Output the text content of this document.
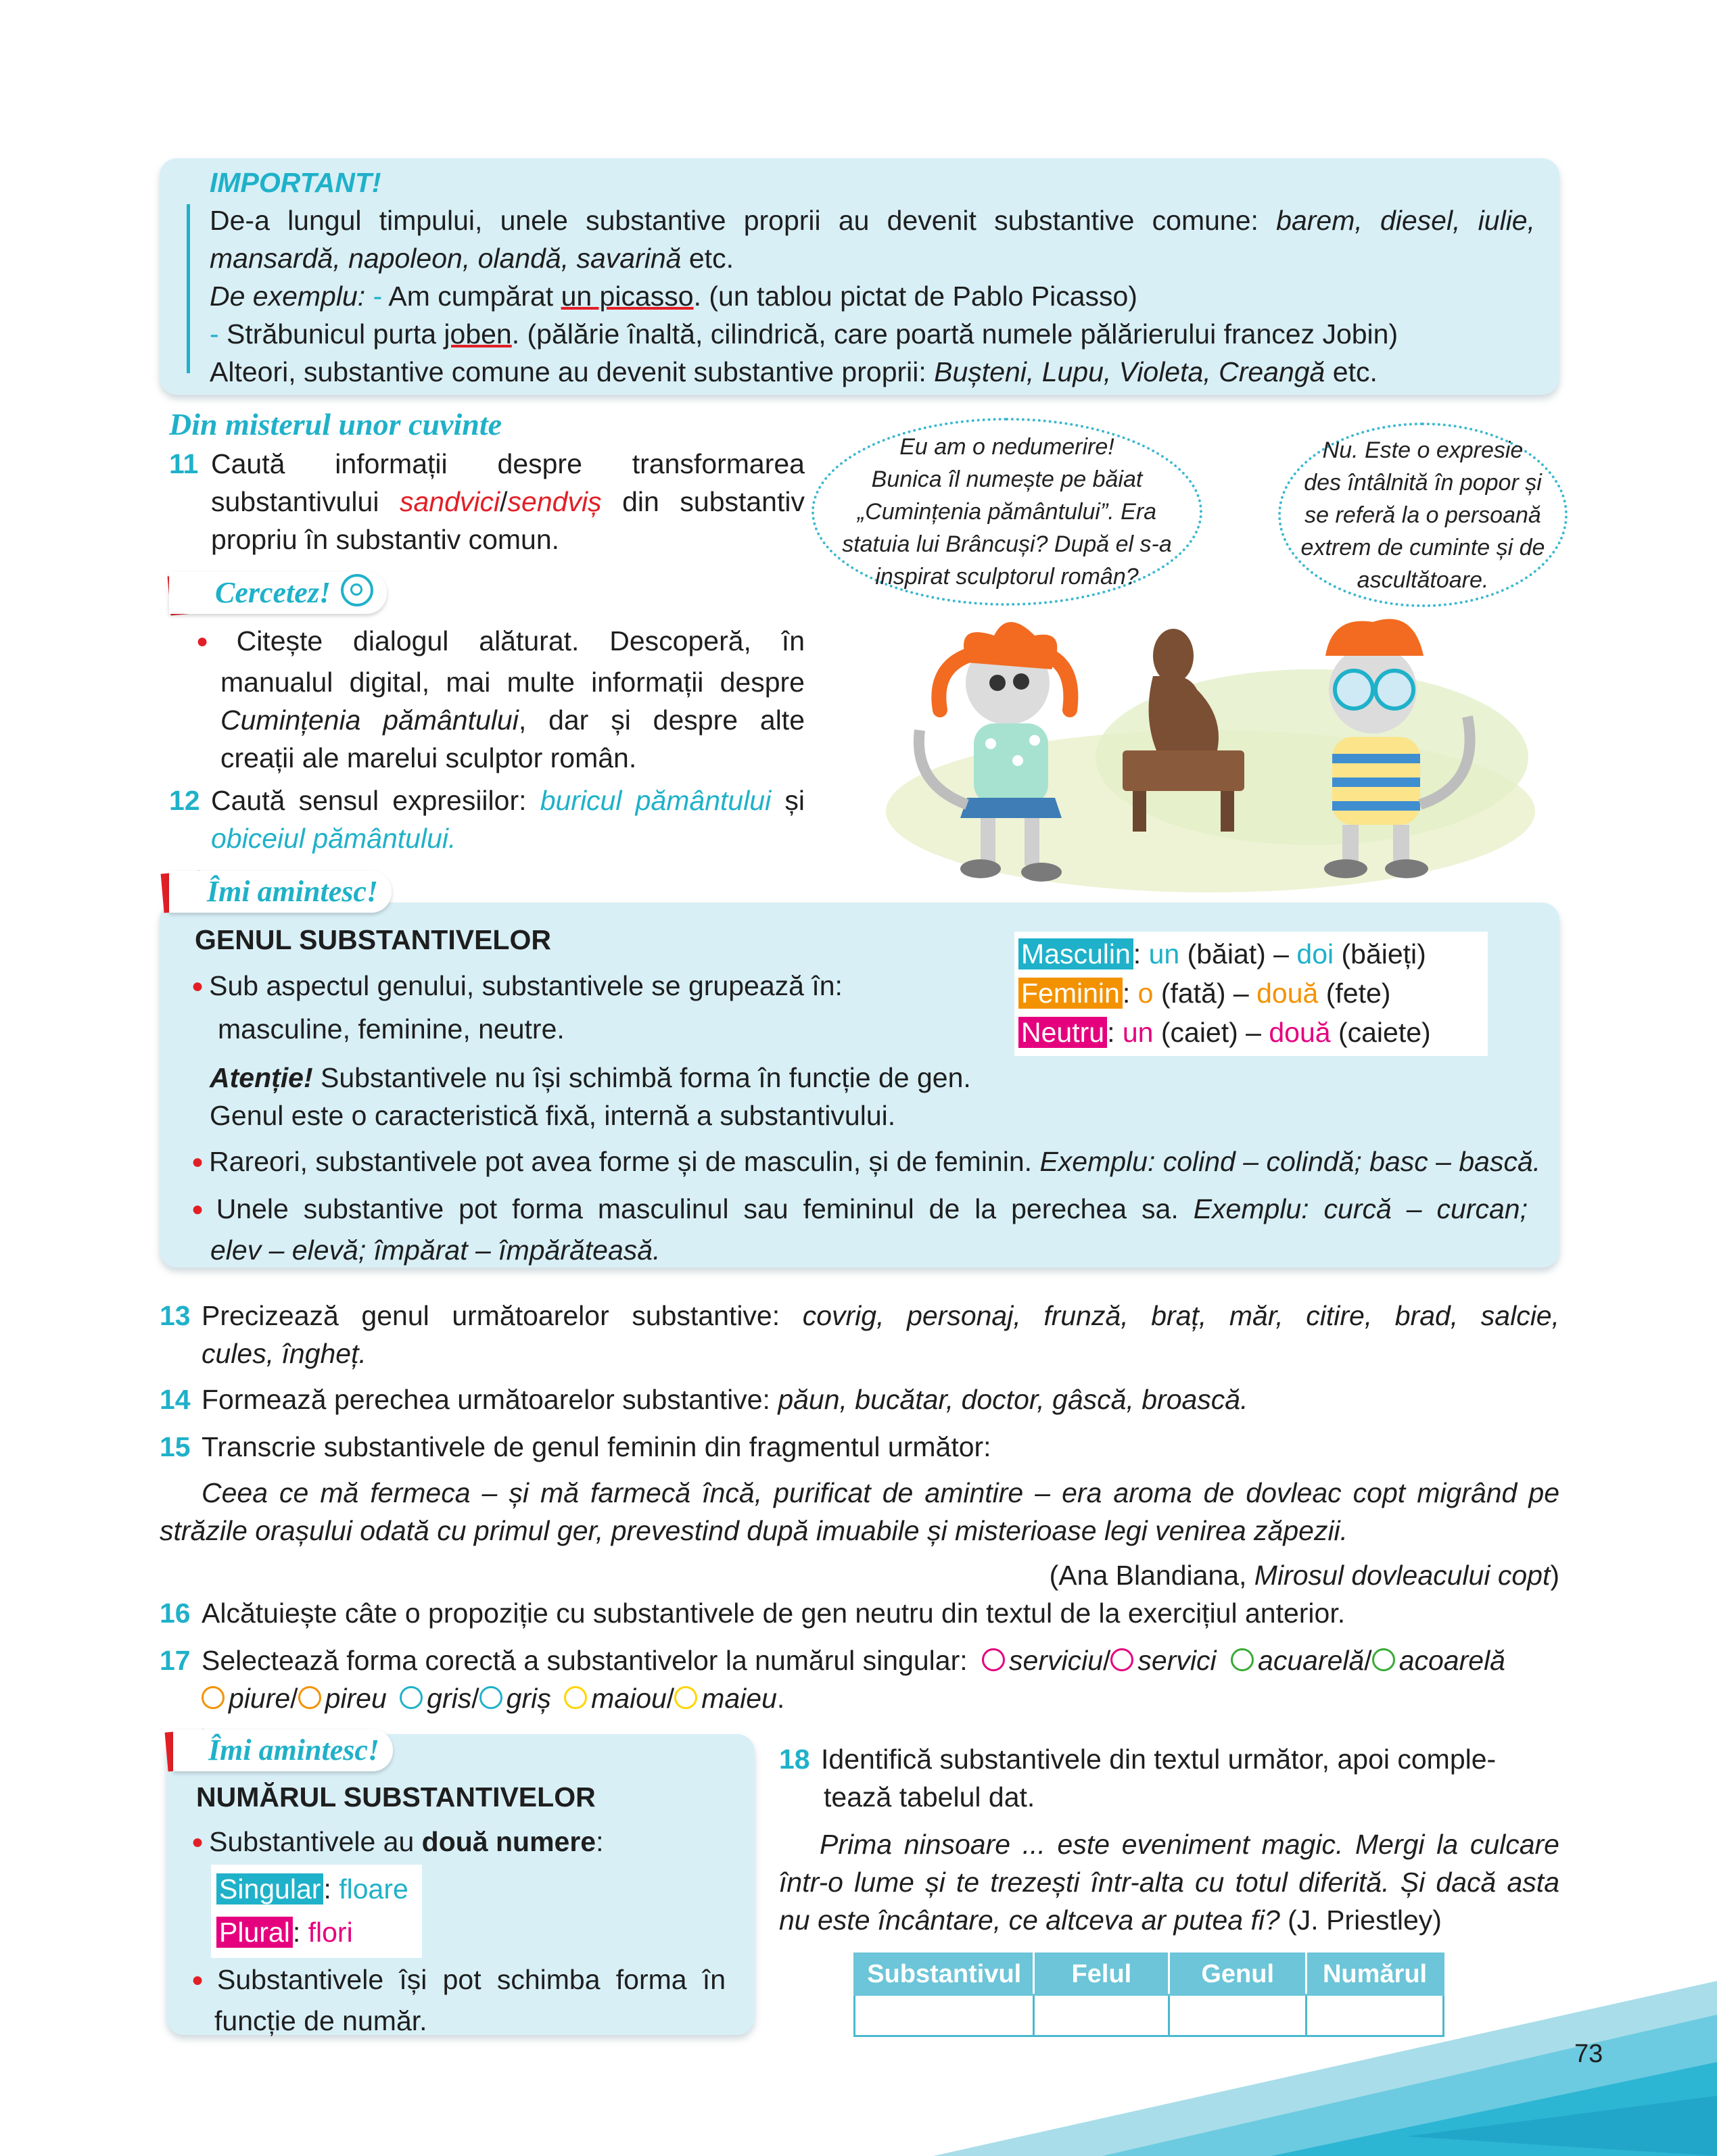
IMPORTANT!
De-a lungul timpului, unele substantive proprii au devenit substantive comune: barem, diesel, iulie,
mansardă, napoleon, olandă, savarină etc.
De exemplu: - Am cumpărat un picasso. (un tablou pictat de Pablo Picasso)
- Străbunicul purta joben. (pălărie înaltă, cilindrică, care poartă numele pălărierului francez Jobin)
Alteori, substantive comune au devenit substantive proprii: Bușteni, Lupu, Violeta, Creangă etc.
Din misterul unor cuvinte
11 Caută informații despre transformarea
substantivului sandvici/sendviș din substantiv
propriu în substantiv comun.
Cercetez!
● Citește dialogul alăturat. Descoperă, în
manualul digital, mai multe informații despre
Cumințenia pământului, dar și despre alte
creații ale marelui sculptor român.
12 Caută sensul expresiilor: buricul pământului și
obiceiul pământului.
Eu am o nedumerire!
Bunica îl numește pe băiat
„Cumințenia pământului”. Era
statuia lui Brâncuși? După el s-a
inspirat sculptorul român?
Nu. Este o expresie
des întâlnită în popor și
se referă la o persoană
extrem de cuminte și de
ascultătoare.
Îmi amintesc!
GENUL SUBSTANTIVELOR
● Sub aspectul genului, substantivele se grupează în:
masculine, feminine, neutre.
Atenție! Substantivele nu își schimbă forma în funcție de gen.
Genul este o caracteristică fixă, internă a substantivului.
● Rareori, substantivele pot avea forme și de masculin, și de feminin. Exemplu: colind – colindă; basc – bască.
● Unele substantive pot forma masculinul sau femininul de la perechea sa. Exemplu: curcă – curcan;
elev – elevă; împărat – împărăteasă.
Masculin: un (băiat) – doi (băieți)
Feminin: o (fată) – două (fete)
Neutru: un (caiet) – două (caiete)
13 Precizează genul următoarelor substantive: covrig, personaj, frunză, braț, măr, citire, brad, salcie,
cules, îngheț.
14 Formează perechea următoarelor substantive: păun, bucătar, doctor, gâscă, broască.
15 Transcrie substantivele de genul feminin din fragmentul următor:
Ceea ce mă fermeca – și mă farmecă încă, purificat de amintire – era aroma de dovleac copt migrând pe
străzile orașului odată cu primul ger, prevestind după imuabile și misterioase legi venirea zăpezii.
(Ana Blandiana, Mirosul dovleacului copt)
16 Alcătuiește câte o propoziție cu substantivele de gen neutru din textul de la exercițiul anterior.
17 Selectează forma corectă a substantivelor la numărul singular: serviciu/ servici acuarelă/ acoarelă
piure/ pireu gris/ griș maiou/ maieu.
Îmi amintesc!
NUMĂRUL SUBSTANTIVELOR
● Substantivele au două numere:
Singular: floare
Plural: flori
● Substantivele își pot schimba forma în
funcție de număr.
18 Identifică substantivele din textul următor, apoi comple-
tează tabelul dat.
Prima ninsoare ... este eveniment magic. Mergi la culcare
într-o lume și te trezești într-alta cu totul diferită. Și dacă asta
nu este încântare, ce altceva ar putea fi? (J. Priestley)
Substantivul	Felul	Genul	Numărul

73
